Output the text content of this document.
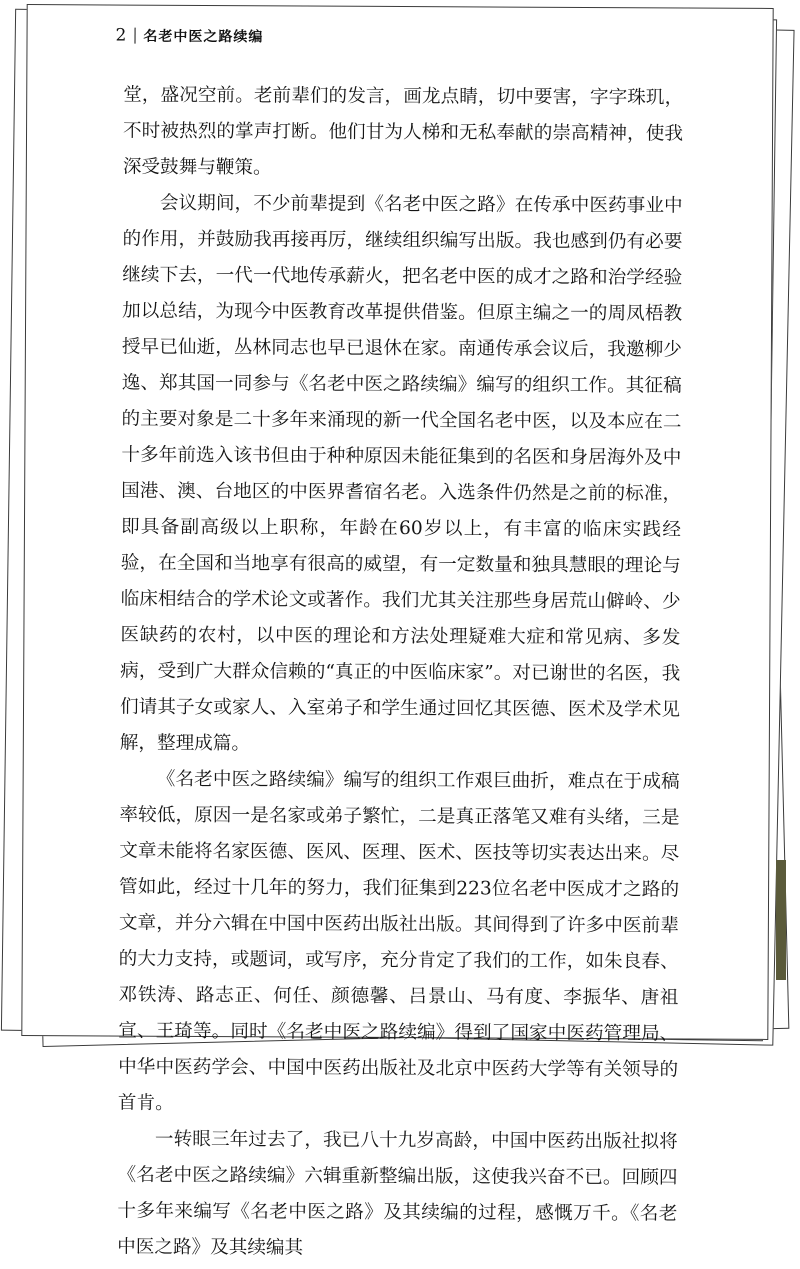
2 名老中医之路续编

堂，盛况空前。老前辈们的发言，画龙点睛，切中要害，字字珠玑，不时被热烈的掌声打断。他们甘为人梯和无私奉献的崇高精神，使我深受鼓舞与鞭策。

会议期间，不少前辈提到《名老中医之路》在传承中医药事业中的作用，并鼓励我再接再厉，继续组织编写出版。我也感到仍有必要继续下去，一代一代地传承薪火，把名老中医的成才之路和治学经验加以总结，为现今中医教育改革提供借鉴。但原主编之一的周凤梧教授早已仙逝，丛林同志也早已退休在家。南通传承会议后，我邀柳少逸、郑其国一同参与《名老中医之路续编》编写的组织工作。其征稿的主要对象是二十多年来涌现的新一代全国名老中医，以及本应在二十多年前选入该书但由于种种原因未能征集到的名医和身居海外及中国港、澳、台地区的中医界耆宿名老。入选条件仍然是之前的标准，即具备副高级以上职称，年龄在60岁以上，有丰富的临床实践经验，在全国和当地享有很高的威望，有一定数量和独具慧眼的理论与临床相结合的学术论文或著作。我们尤其关注那些身居荒山僻岭、少医缺药的农村，以中医的理论和方法处理疑难大症和常见病、多发病，受到广大群众信赖的“真正的中医临床家”。对已谢世的名医，我们请其子女或家人、入室弟子和学生通过回忆其医德、医术及学术见解，整理成篇。

《名老中医之路续编》编写的组织工作艰巨曲折，难点在于成稿率较低，原因一是名家或弟子繁忙，二是真正落笔又难有头绪，三是文章未能将名家医德、医风、医理、医术、医技等切实表达出来。尽管如此，经过十几年的努力，我们征集到223位名老中医成才之路的文章，并分六辑在中国中医药出版社出版。其间得到了许多中医前辈的大力支持，或题词，或写序，充分肯定了我们的工作，如朱良春、邓铁涛、路志正、何任、颜德馨、吕景山、马有度、李振华、唐祖宣、王琦等。同时《名老中医之路续编》得到了国家中医药管理局、中华中医药学会、中国中医药出版社及北京中医药大学等有关领导的首肯。

一转眼三年过去了，我已八十九岁高龄，中国中医药出版社拟将《名老中医之路续编》六辑重新整编出版，这使我兴奋不已。回顾四十多年来编写《名老中医之路》及其续编的过程，感慨万千。《名老中医之路》及其续编其
